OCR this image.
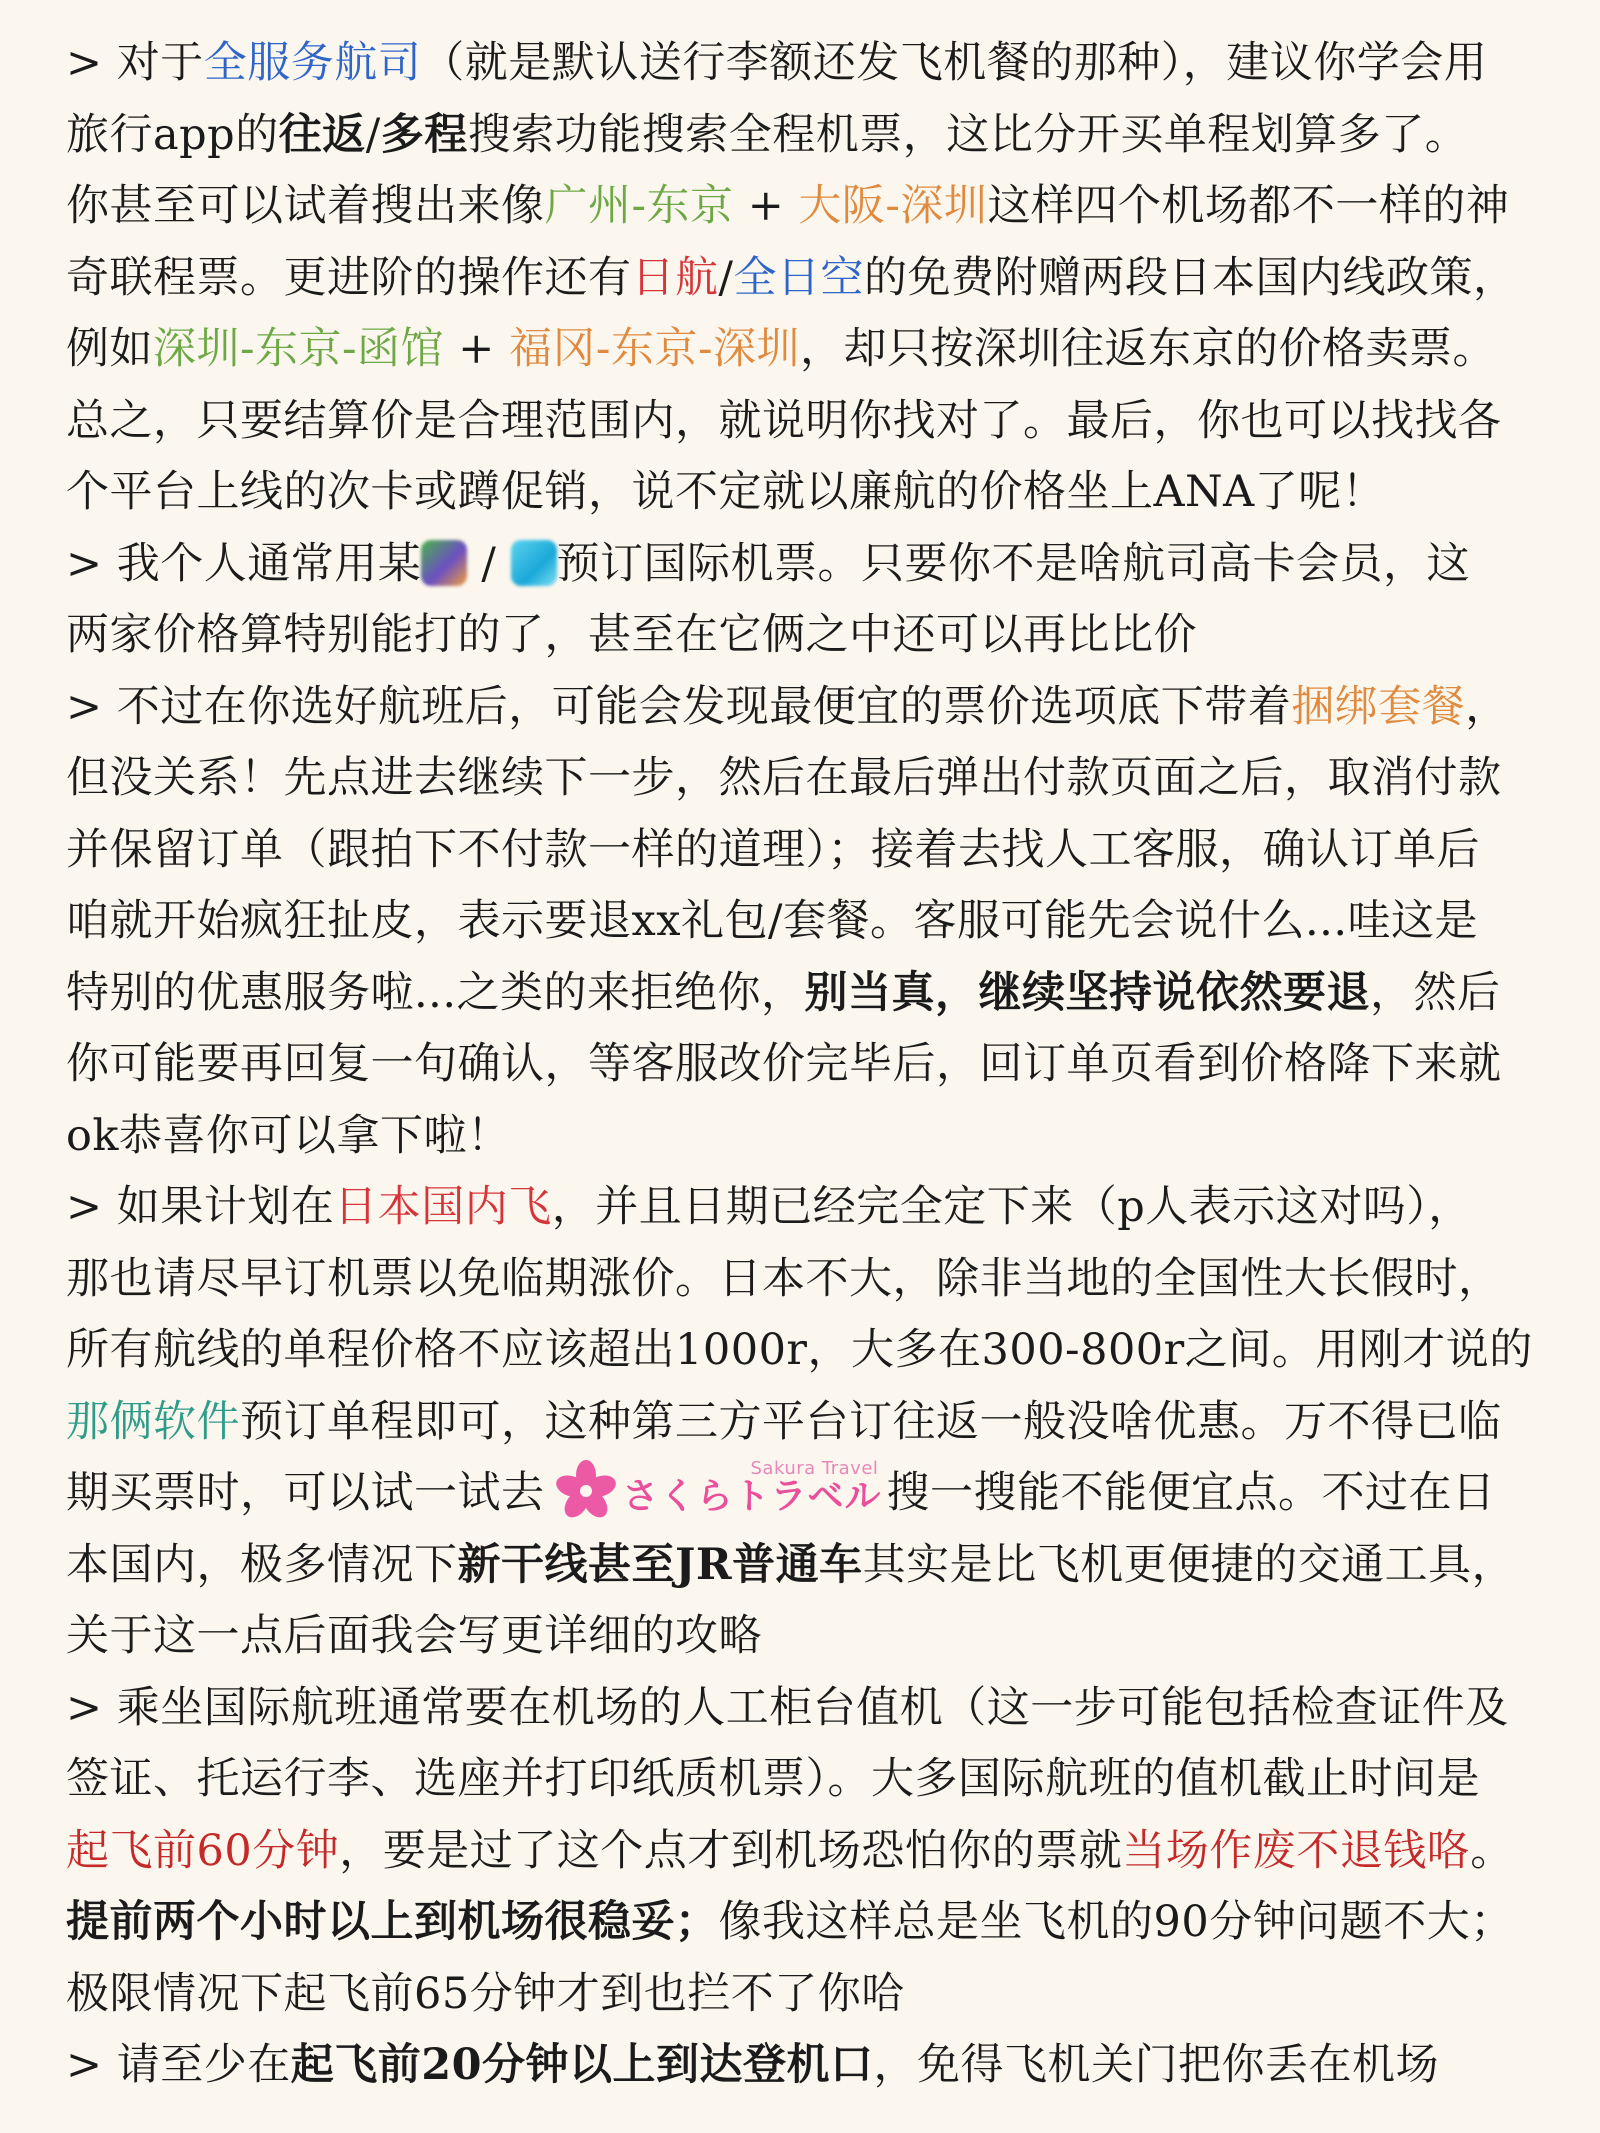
> 对于全服务航司（就是默认送行李额还发飞机餐的那种），建议你学会用
旅行app的往返/多程搜索功能搜索全程机票，这比分开买单程划算多了。
你甚至可以试着搜出来像广州-东京 + 大阪-深圳这样四个机场都不一样的神
奇联程票。更进阶的操作还有日航/全日空的免费附赠两段日本国内线政策，
例如深圳-东京-函馆 + 福冈-东京-深圳，却只按深圳往返东京的价格卖票。
总之，只要结算价是合理范围内，就说明你找对了。最后，你也可以找找各
个平台上线的次卡或蹲促销，说不定就以廉航的价格坐上ANA了呢！
> 我个人通常用某 / 预订国际机票。只要你不是啥航司高卡会员，这
两家价格算特别能打的了，甚至在它俩之中还可以再比比价
> 不过在你选好航班后，可能会发现最便宜的票价选项底下带着捆绑套餐，
但没关系！先点进去继续下一步，然后在最后弹出付款页面之后，取消付款
并保留订单（跟拍下不付款一样的道理）；接着去找人工客服，确认订单后
咱就开始疯狂扯皮，表示要退xx礼包/套餐。客服可能先会说什么...哇这是
特别的优惠服务啦...之类的来拒绝你，别当真，继续坚持说依然要退，然后
你可能要再回复一句确认，等客服改价完毕后，回订单页看到价格降下来就
ok恭喜你可以拿下啦！
> 如果计划在日本国内飞，并且日期已经完全定下来（p人表示这对吗），
那也请尽早订机票以免临期涨价。日本不大，除非当地的全国性大长假时，
所有航线的单程价格不应该超出1000r，大多在300-800r之间。用刚才说的
那俩软件预订单程即可，这种第三方平台订往返一般没啥优惠。万不得已临
期买票时，可以试一试去	Sakura Travel
さくらトラベル 搜一搜能不能便宜点。不过在日
本国内，极多情况下新干线甚至JR普通车其实是比飞机更便捷的交通工具，
关于这一点后面我会写更详细的攻略
> 乘坐国际航班通常要在机场的人工柜台值机（这一步可能包括检查证件及
签证、托运行李、选座并打印纸质机票）。大多国际航班的值机截止时间是
起飞前60分钟，要是过了这个点才到机场恐怕你的票就当场作废不退钱咯。
提前两个小时以上到机场很稳妥；像我这样总是坐飞机的90分钟问题不大；
极限情况下起飞前65分钟才到也拦不了你哈
> 请至少在起飞前20分钟以上到达登机口，免得飞机关门把你丢在机场
